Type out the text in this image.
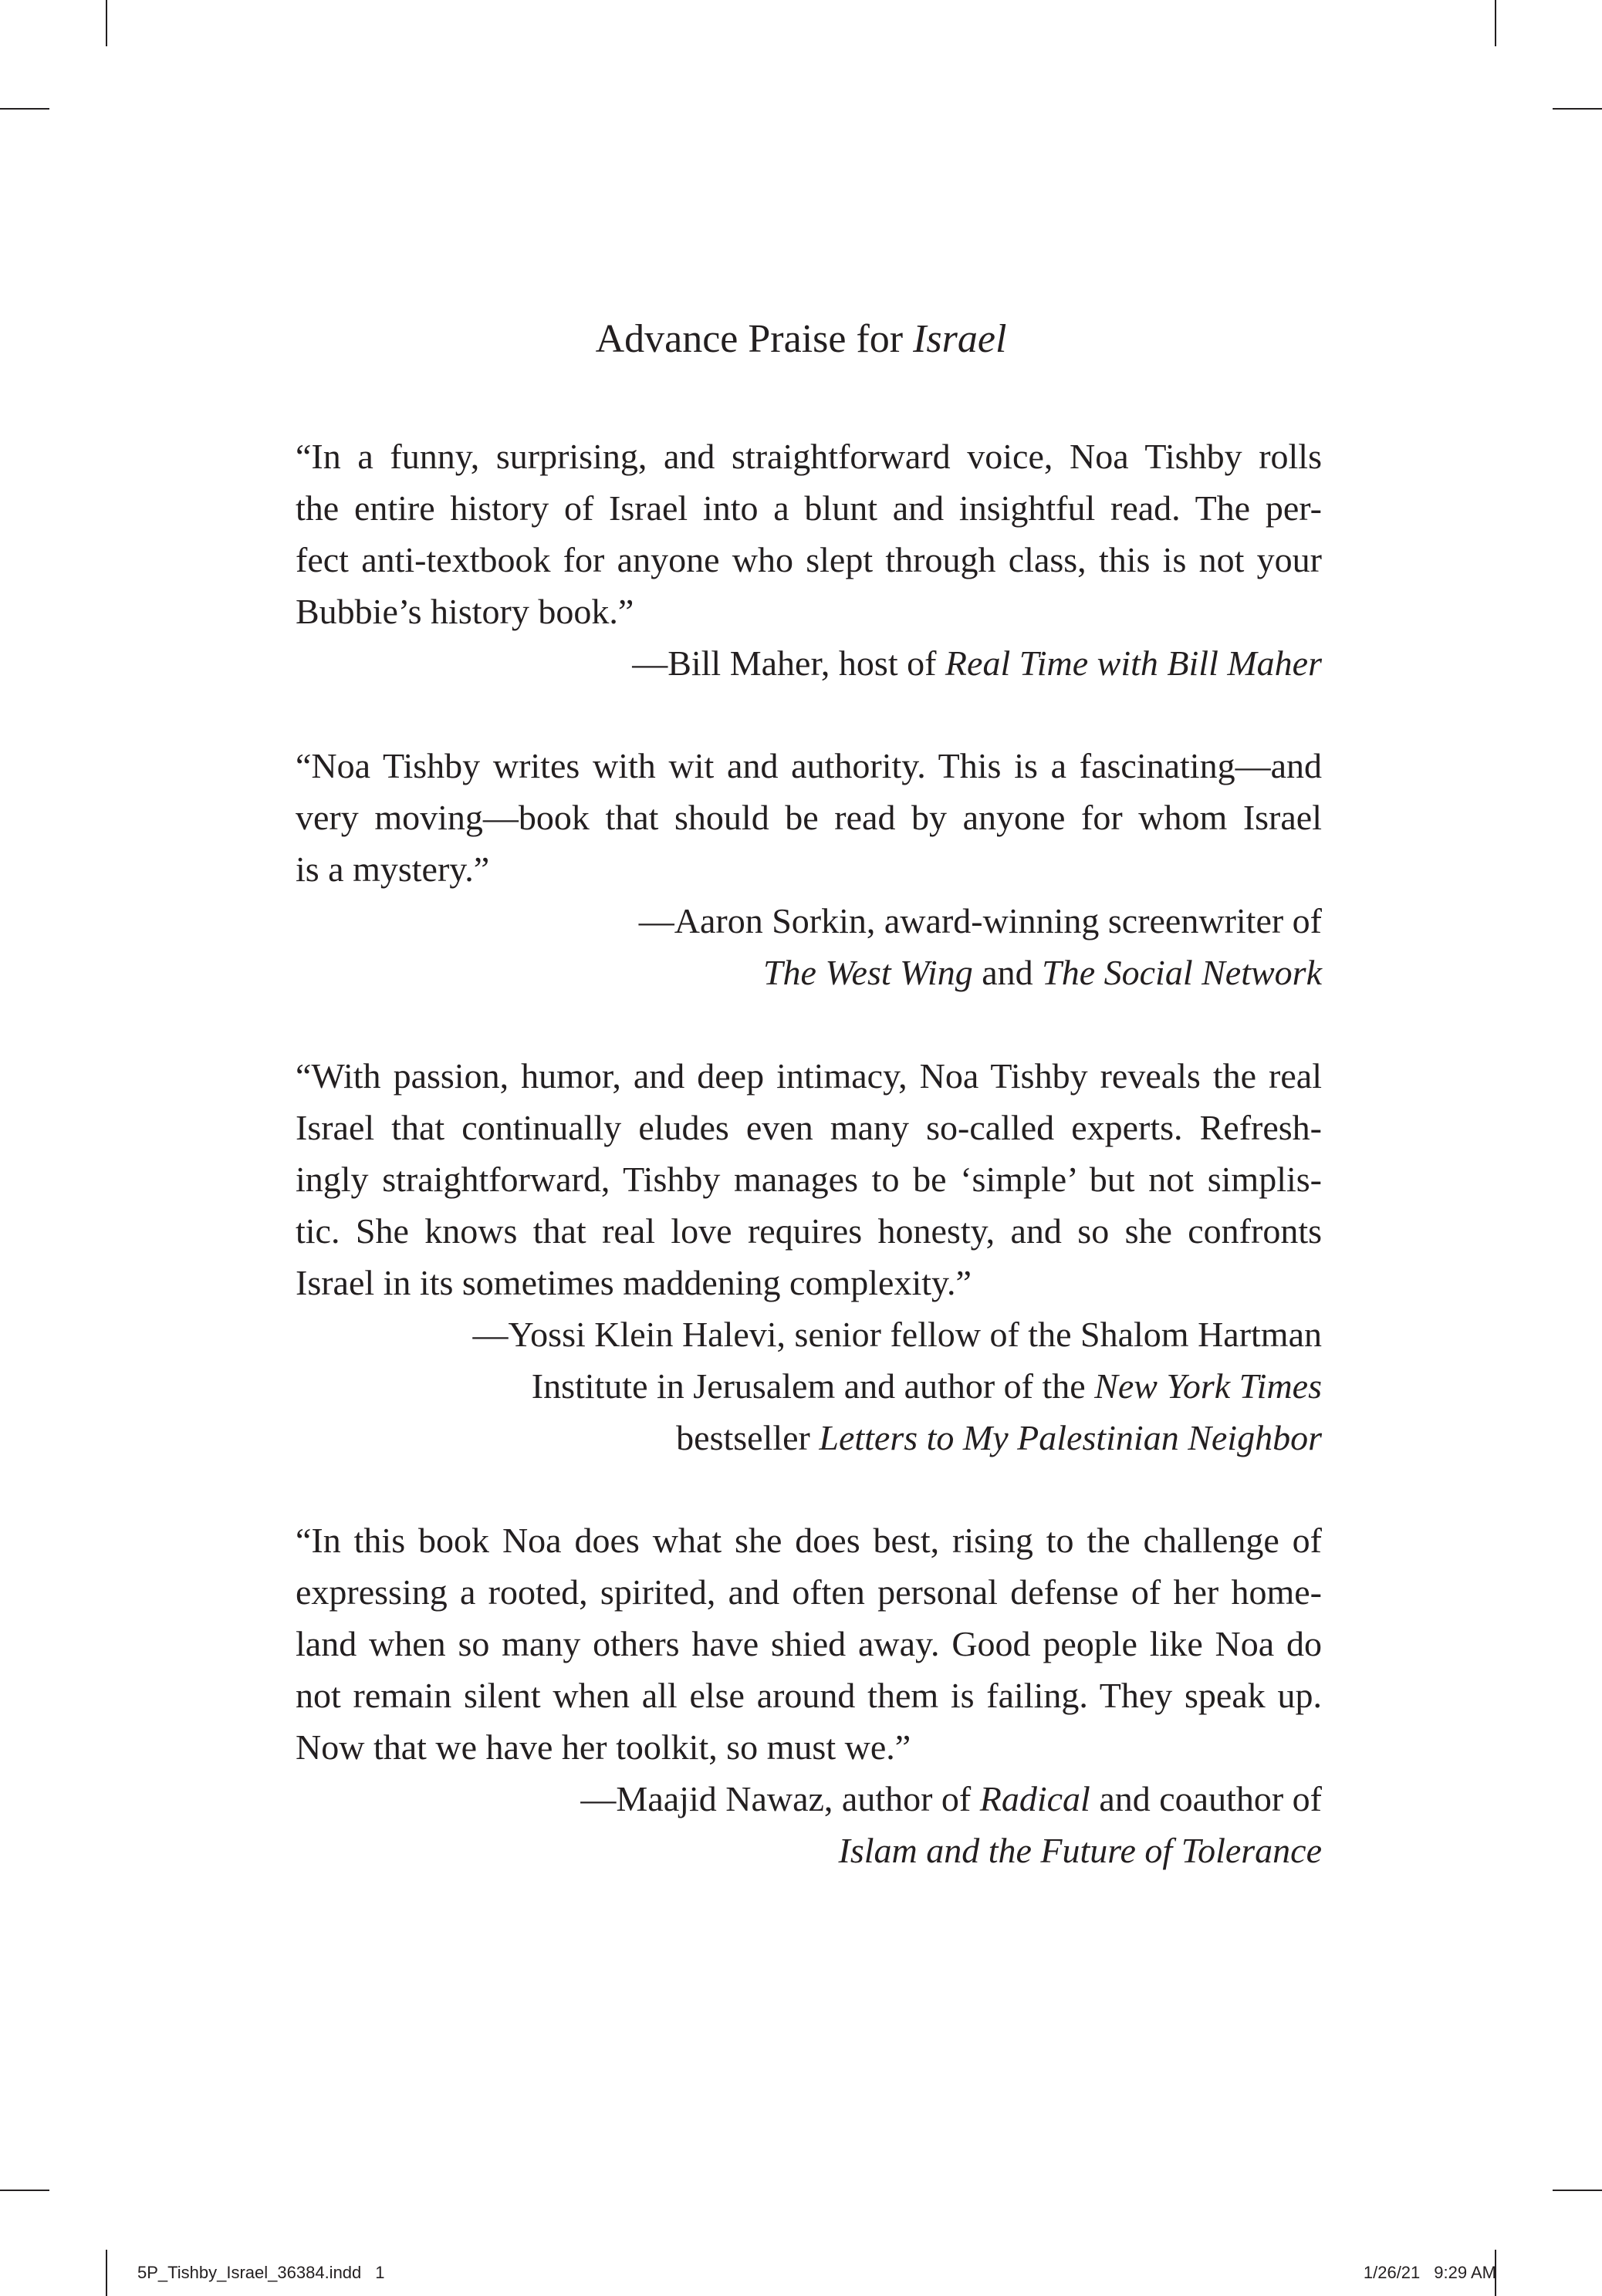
Advance Praise for Israel
“In a funny, surprising, and straightforward voice, Noa Tishby rolls
the entire history of Israel into a blunt and insightful read. The per-
fect anti-textbook for anyone who slept through class, this is not your
Bubbie’s history book.”
—Bill Maher, host of Real Time with Bill Maher
“Noa Tishby writes with wit and authority. This is a fascinating—and
very moving—book that should be read by anyone for whom Israel
is a mystery.”
—Aaron Sorkin, award-winning screenwriter of
The West Wing and The Social Network
“With passion, humor, and deep intimacy, Noa Tishby reveals the real
Israel that continually eludes even many so-called experts. Refresh-
ingly straightforward, Tishby manages to be ‘simple’ but not simplis-
tic. She knows that real love requires honesty, and so she confronts
Israel in its sometimes maddening complexity.”
—Yossi Klein Halevi, senior fellow of the Shalom Hartman
Institute in Jerusalem and author of the New York Times
bestseller Letters to My Palestinian Neighbor
“In this book Noa does what she does best, rising to the challenge of
expressing a rooted, spirited, and often personal defense of her home-
land when so many others have shied away. Good people like Noa do
not remain silent when all else around them is failing. They speak up.
Now that we have her toolkit, so must we.”
—Maajid Nawaz, author of Radical and coauthor of
Islam and the Future of Tolerance
5P_Tishby_Israel_36384.indd 1	1/26/21 9:29 AM
